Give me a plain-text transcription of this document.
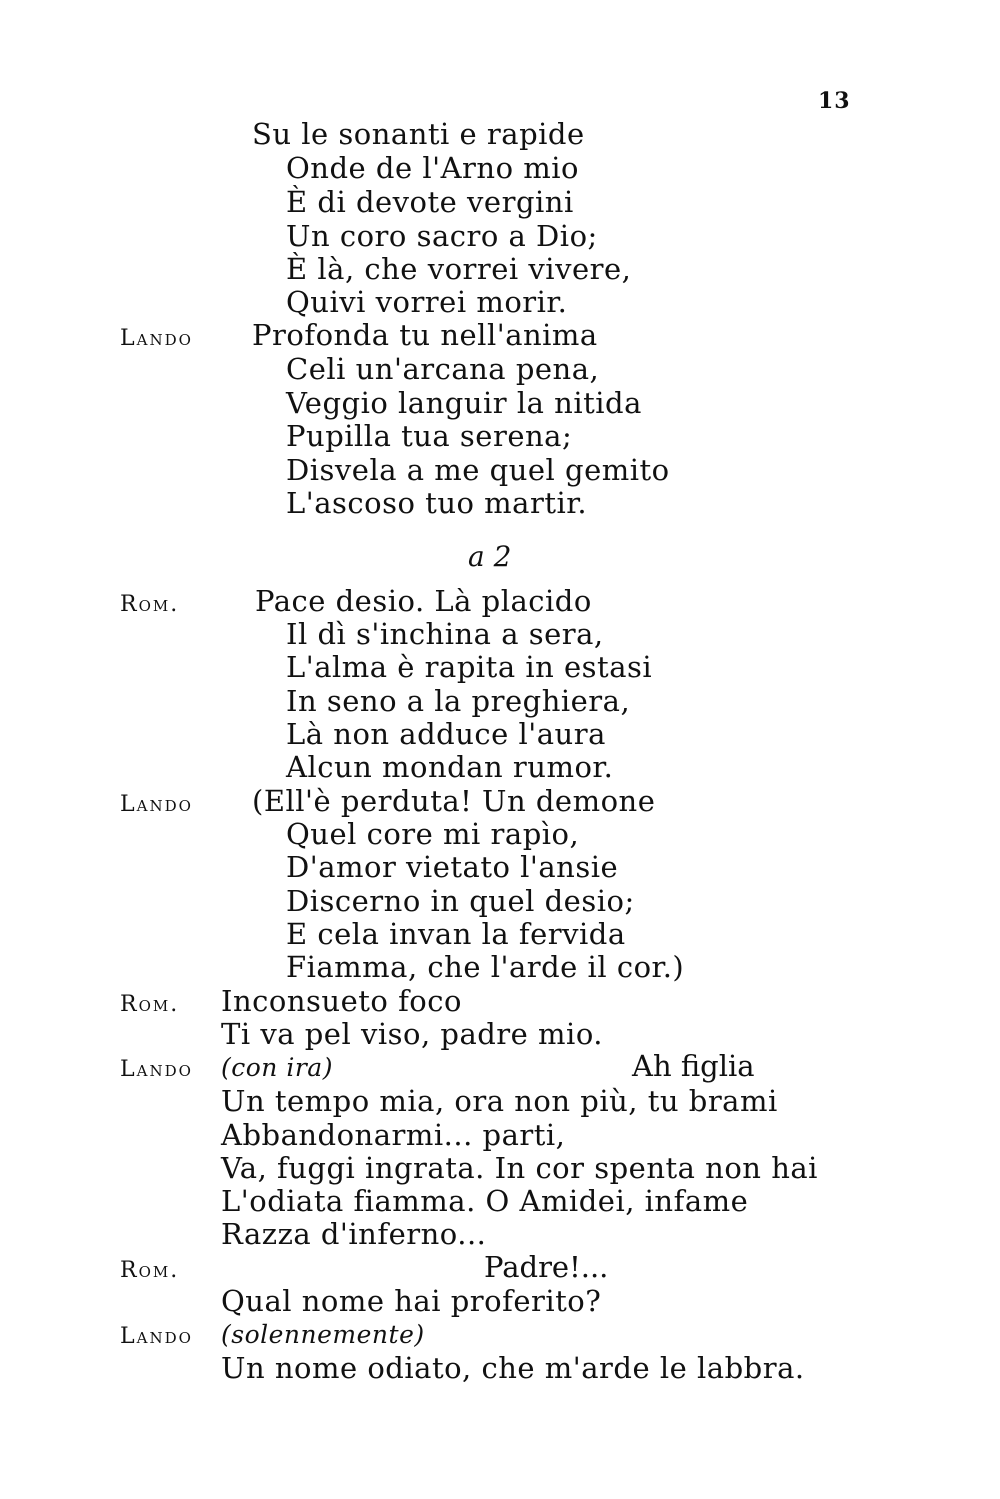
13
Su le sonanti e rapide
Onde de l'Arno mio
È di devote vergini
Un coro sacro a Dio;
È là, che vorrei vivere,
Quivi vorrei morir.
Lando Profonda tu nell'anima
Celi un'arcana pena,
Veggio languir la nitida
Pupilla tua serena;
Disvela a me quel gemito
L'ascoso tuo martir.
a 2
Rom.	Pace desio. Là placido
Il dì s'inchina a sera,
L'alma è rapita in estasi
In seno a la preghiera,
Là non adduce l'aura
Alcun mondan rumor.
Lando (Ell'è perduta! Un demone
Quel core mi rapìo,
D'amor vietato l'ansie
Discerno in quel desio;
E cela invan la fervida
Fiamma, che l'arde il cor.)
Rom. Inconsueto foco
Ti va pel viso, padre mio.
Lando (con ira)	Ah figlia
Un tempo mia, ora non più, tu brami
Abbandonarmi... parti,
Va, fuggi ingrata. In cor spenta non hai
L'odiata fiamma. O Amidei, infame
Razza d'inferno...
Rom.	Padre!...
Qual nome hai proferito?
Lando (solennemente)
Un nome odiato, che m'arde le labbra.
